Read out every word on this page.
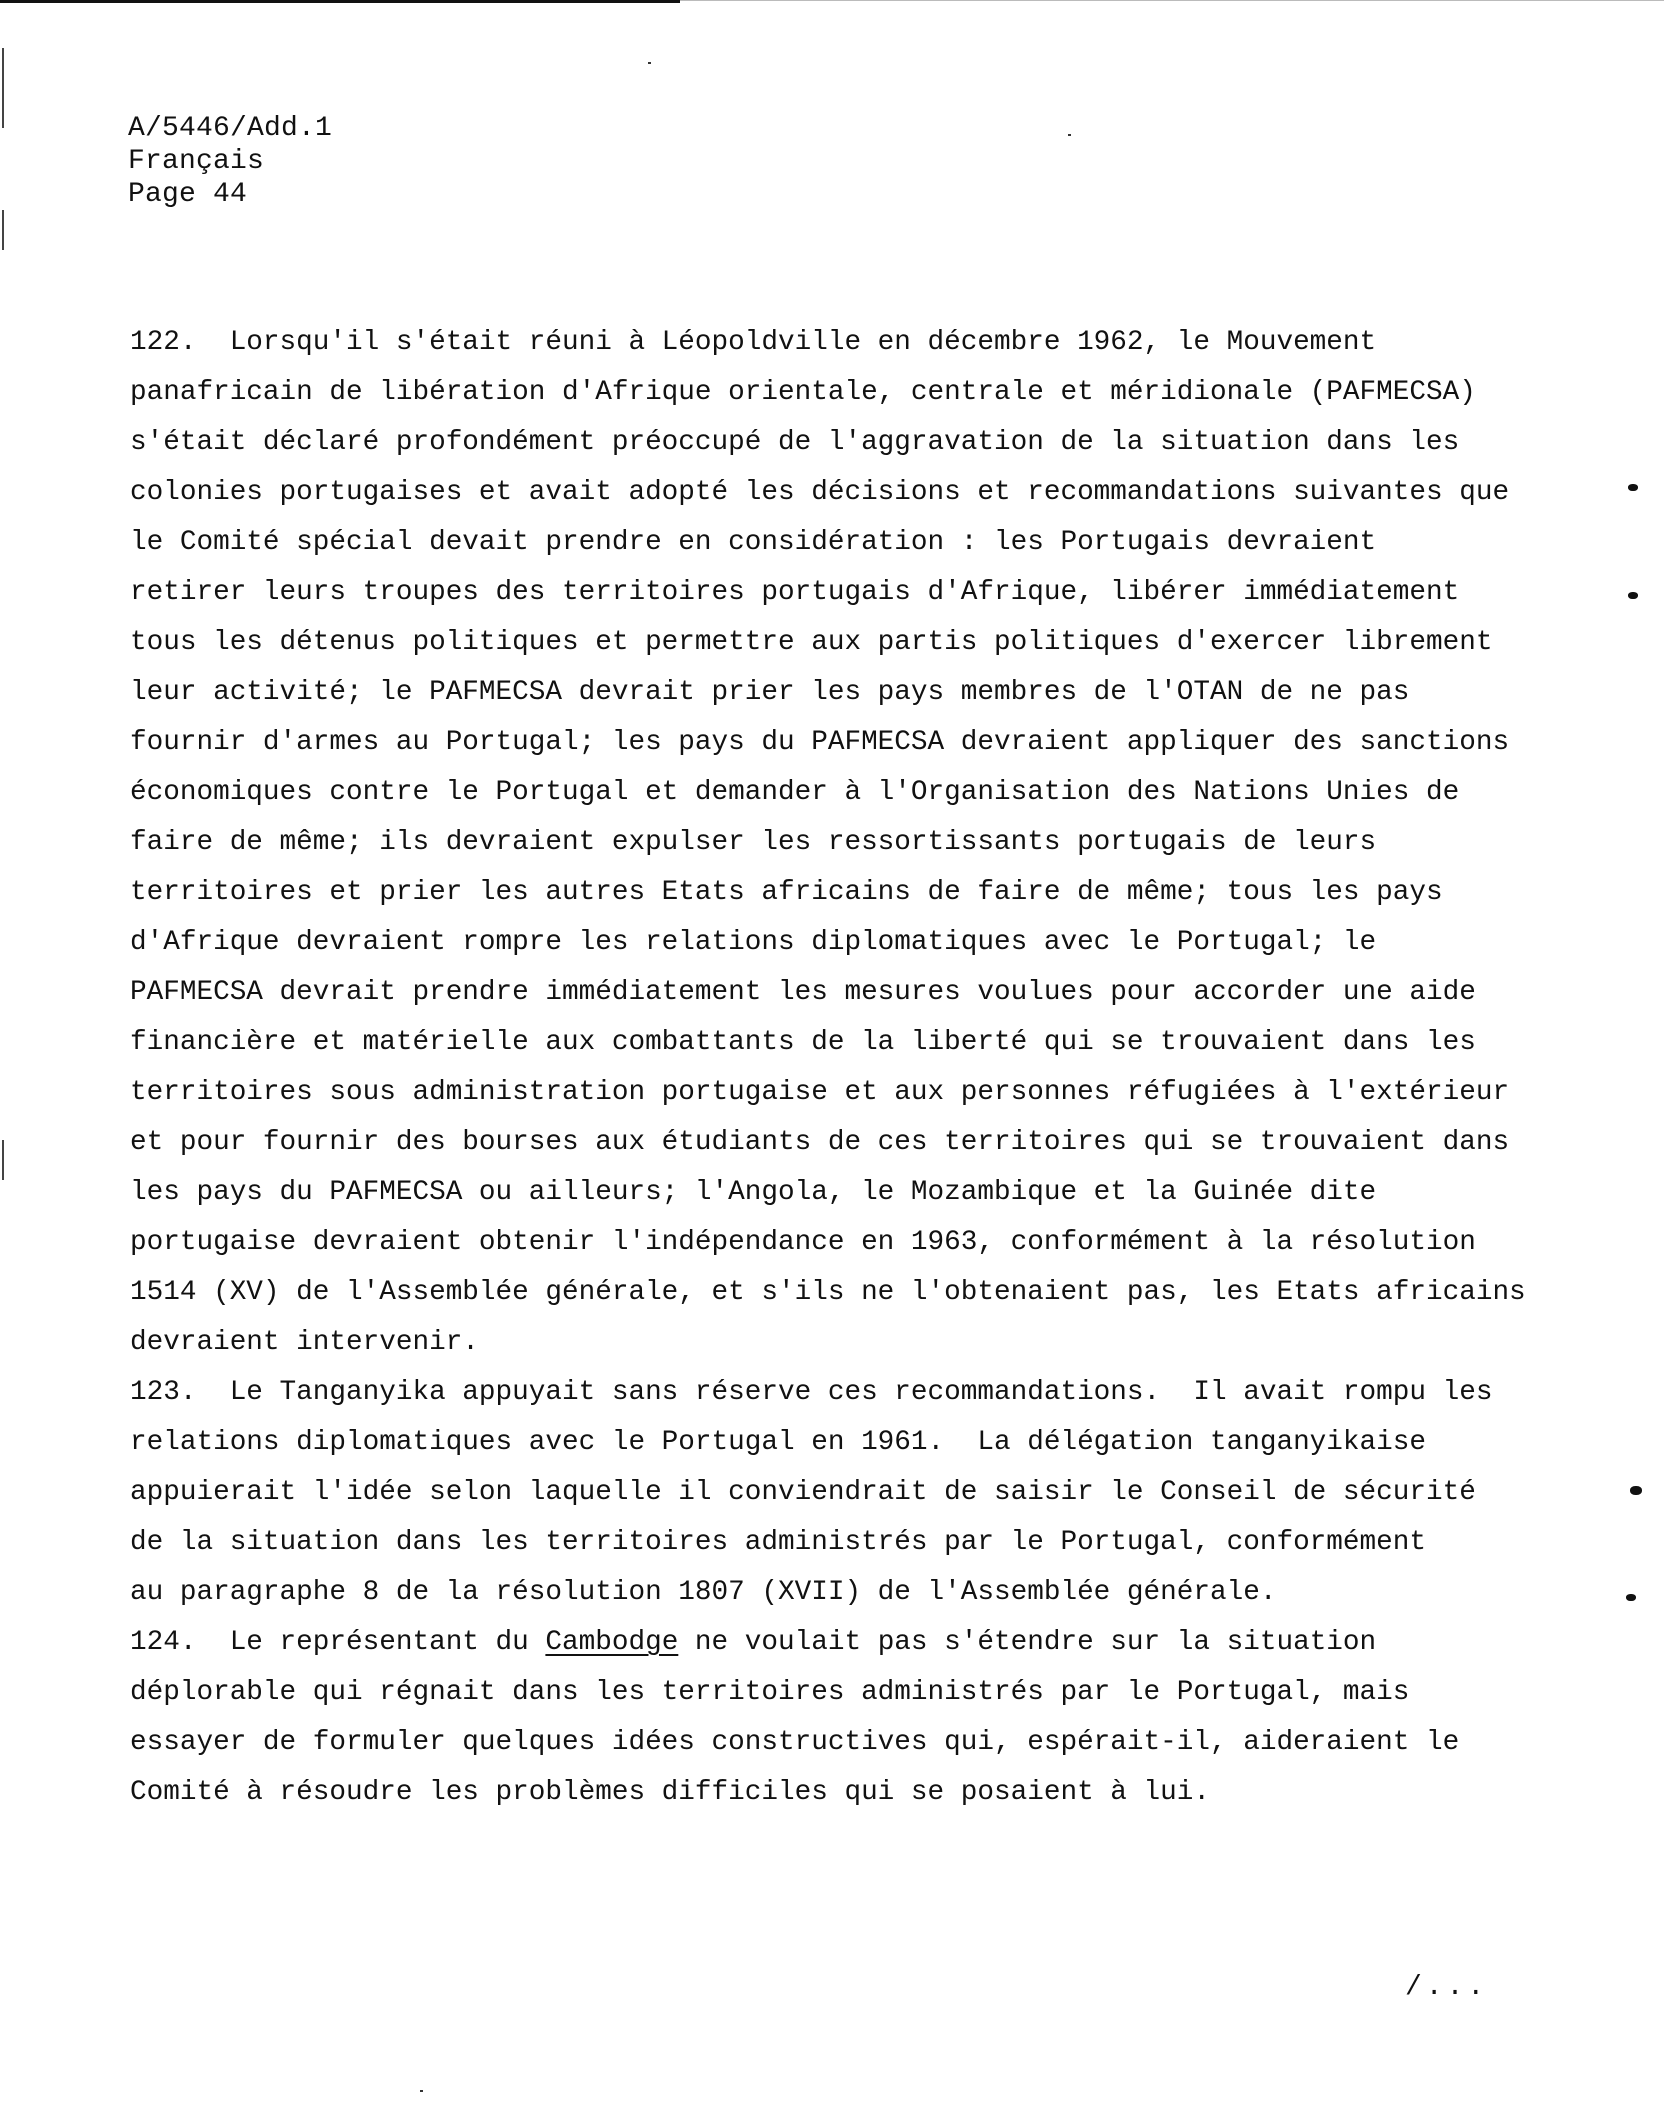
A/5446/Add.1
Français
Page 44
122.  Lorsqu'il s'était réuni à Léopoldville en décembre 1962, le Mouvement
panafricain de libération d'Afrique orientale, centrale et méridionale (PAFMECSA)
s'était déclaré profondément préoccupé de l'aggravation de la situation dans les
colonies portugaises et avait adopté les décisions et recommandations suivantes que
le Comité spécial devait prendre en considération : les Portugais devraient
retirer leurs troupes des territoires portugais d'Afrique, libérer immédiatement
tous les détenus politiques et permettre aux partis politiques d'exercer librement
leur activité; le PAFMECSA devrait prier les pays membres de l'OTAN de ne pas
fournir d'armes au Portugal; les pays du PAFMECSA devraient appliquer des sanctions
économiques contre le Portugal et demander à l'Organisation des Nations Unies de
faire de même; ils devraient expulser les ressortissants portugais de leurs
territoires et prier les autres Etats africains de faire de même; tous les pays
d'Afrique devraient rompre les relations diplomatiques avec le Portugal; le
PAFMECSA devrait prendre immédiatement les mesures voulues pour accorder une aide
financière et matérielle aux combattants de la liberté qui se trouvaient dans les
territoires sous administration portugaise et aux personnes réfugiées à l'extérieur
et pour fournir des bourses aux étudiants de ces territoires qui se trouvaient dans
les pays du PAFMECSA ou ailleurs; l'Angola, le Mozambique et la Guinée dite
portugaise devraient obtenir l'indépendance en 1963, conformément à la résolution
1514 (XV) de l'Assemblée générale, et s'ils ne l'obtenaient pas, les Etats africains
devraient intervenir.
123.  Le Tanganyika appuyait sans réserve ces recommandations.  Il avait rompu les
relations diplomatiques avec le Portugal en 1961.  La délégation tanganyikaise
appuierait l'idée selon laquelle il conviendrait de saisir le Conseil de sécurité
de la situation dans les territoires administrés par le Portugal, conformément
au paragraphe 8 de la résolution 1807 (XVII) de l'Assemblée générale.
124.  Le représentant du Cambodge ne voulait pas s'étendre sur la situation
déplorable qui régnait dans les territoires administrés par le Portugal, mais
essayer de formuler quelques idées constructives qui, espérait-il, aideraient le
Comité à résoudre les problèmes difficiles qui se posaient à lui.
/...
